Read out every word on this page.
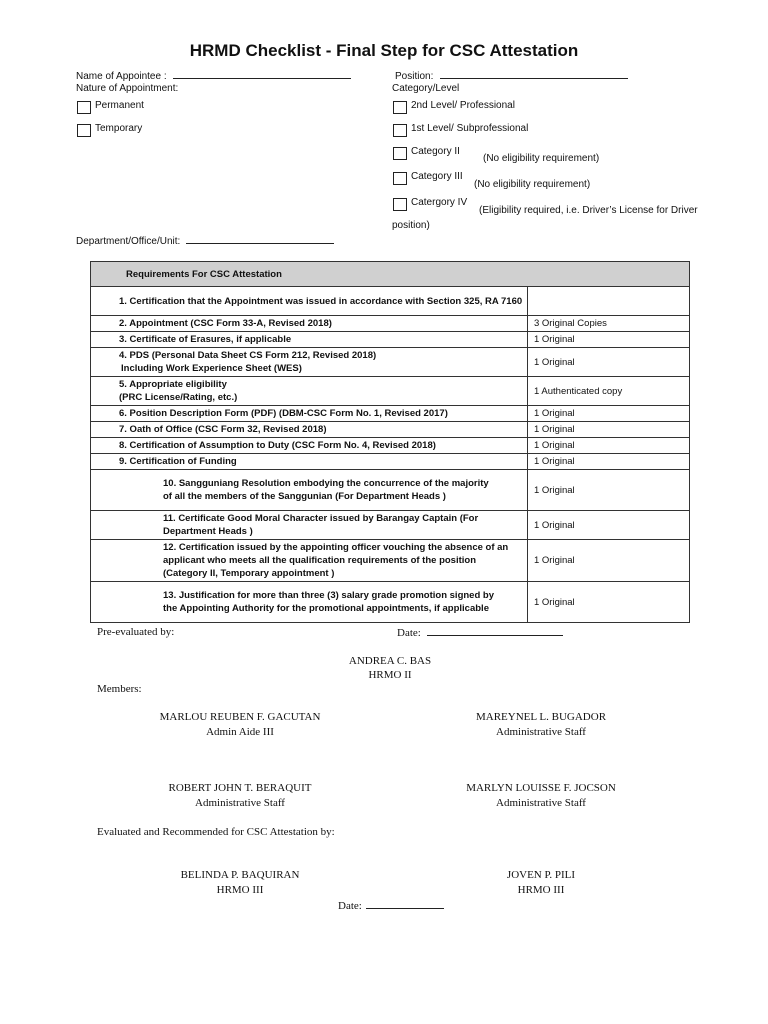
HRMD Checklist - Final Step for CSC Attestation
Name of Appointee :	Position:
Nature of Appointment:	Category/Level
Permanent
Temporary
2nd Level/ Professional
1st Level/ Subprofessional
Category II
(No eligibility requirement)
Category III
(No eligibility requirement)
Catergory IV
(Eligibility required, i.e. Driver’s License for Driver
position)
Department/Office/Unit:
Requirements For CSC Attestation	

1. Certification that the Appointment was issued in accordance with Section 325, RA 7160	

2. Appointment (CSC Form 33-A, Revised 2018)	3 Original Copies

3. Certificate of Erasures, if applicable	1 Original

4. PDS (Personal Data Sheet CS Form 212, Revised 2018)
Including Work Experience Sheet (WES)	1 Original

5. Appropriate eligibility
(PRC License/Rating, etc.)	1 Authenticated copy

6. Position Description Form (PDF) (DBM-CSC Form No. 1, Revised 2017)	1 Original

7. Oath of Office (CSC Form 32, Revised 2018)	1 Original

8. Certification of Assumption to Duty (CSC Form No. 4, Revised 2018)	1 Original

9. Certification of Funding	1 Original

10. Sangguniang Resolution embodying the concurrence of the majority of all the members of the Sanggunian (For Department Heads )	1 Original

11. Certificate Good Moral Character issued by Barangay Captain (For Department Heads )	1 Original

12. Certification issued by the appointing officer vouching the absence of an applicant who meets all the qualification requirements of the position (Category II, Temporary appointment )	1 Original

13. Justification for more than three (3) salary grade promotion signed by the Appointing Authority for the promotional appointments, if applicable	1 Original
Pre-evaluated by:	Date:
ANDREA C. BAS
HRMO II
Members:
MARLOU REUBEN F. GACUTAN
Admin Aide III
MAREYNEL L. BUGADOR
Administrative Staff
ROBERT JOHN T. BERAQUIT
Administrative Staff
MARLYN LOUISSE F. JOCSON
Administrative Staff
Evaluated and Recommended for CSC Attestation by:
BELINDA P. BAQUIRAN
HRMO III
JOVEN P. PILI
HRMO III
Date:
